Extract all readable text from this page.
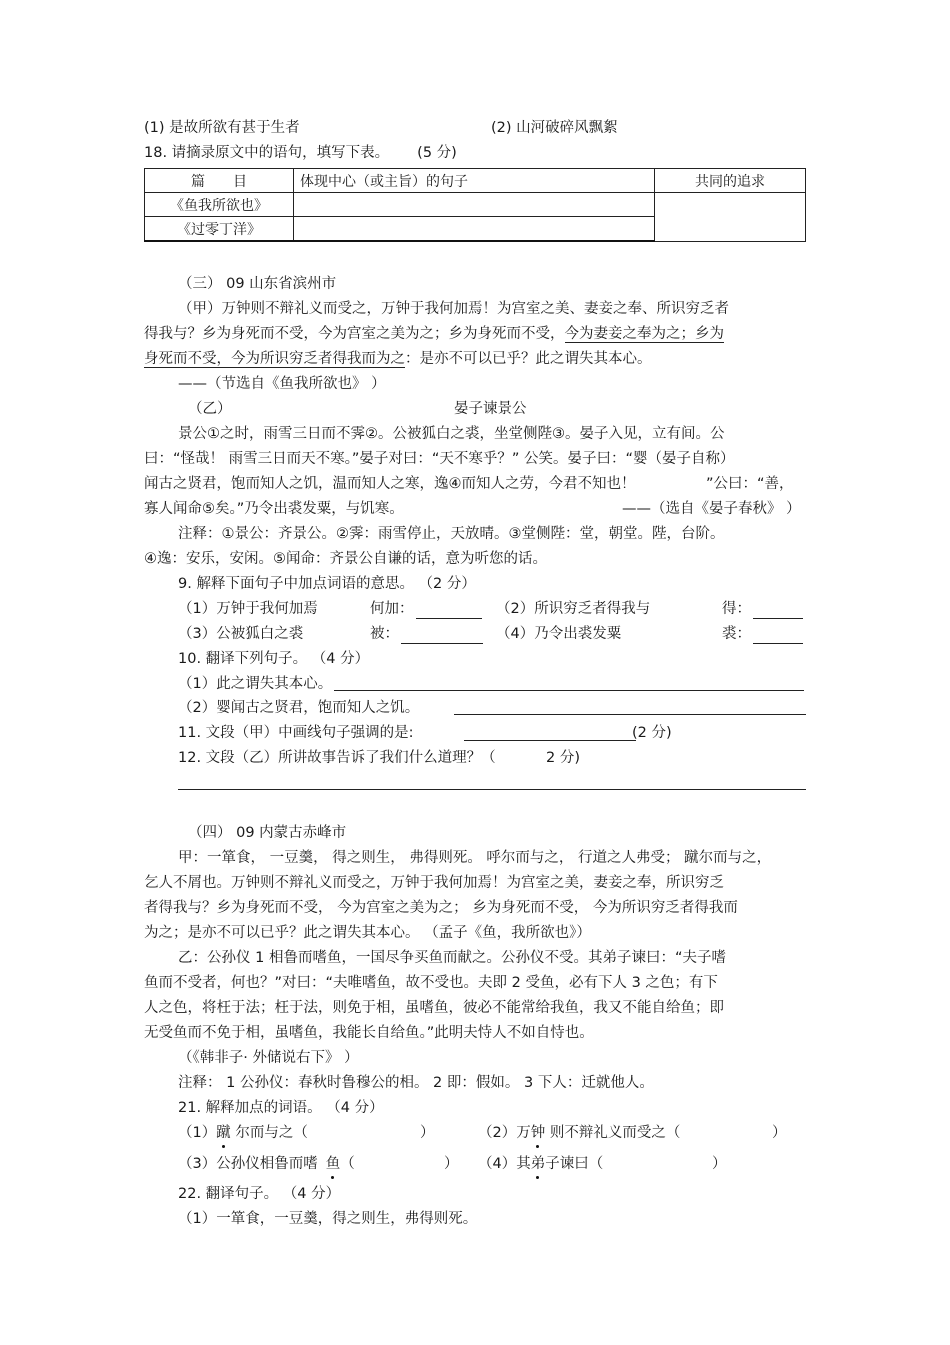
(1) 是故所欲有甚于生者	(2) 山河破碎风飘絮
18. 请摘录原文中的语句，填写下表。 (5 分)
篇　　目	体现中心（或主旨）的句子	共同的追求
《鱼我所欲也》		
《过零丁洋》		
（三） 09 山东省滨州市
（甲）万钟则不辩礼义而受之，万钟于我何加焉！为宫室之美、妻妾之奉、所识穷乏者
得我与？乡为身死而不受，今为宫室之美为之；乡为身死而不受，今为妻妾之奉为之；乡为
身死而不受，今为所识穷乏者得我而为之：是亦不可以已乎？此之谓失其本心。
——（节选自《鱼我所欲也》 ）
（乙）	晏子谏景公
景公①之时，雨雪三日而不霁②。公被狐白之裘，坐堂侧陛③。晏子入见，立有间。公
曰：“怪哉！ 雨雪三日而天不寒。”晏子对曰：“天不寒乎？” 公笑。晏子曰：“婴（晏子自称）
闻古之贤君，饱而知人之饥，温而知人之寒，逸④而知人之劳，今君不知也！	”公曰：“善，
寡人闻命⑤矣。”乃令出裘发粟，与饥寒。	——（选自《晏子春秋》 ）
注释：①景公：齐景公。②霁：雨雪停止，天放晴。③堂侧陛：堂，朝堂。陛，台阶。
④逸：安乐，安闲。⑤闻命：齐景公自谦的话，意为听您的话。
9. 解释下面句子中加点词语的意思。 （2 分）
（1）万钟于我何加焉	何加：	（2）所识穷乏者得我与	得：
（3）公被狐白之裘	被：	（4）乃令出裘发粟	裘：
10. 翻译下列句子。 （4 分）
（1）此之谓失其本心。
（2）婴闻古之贤君，饱而知人之饥。
11. 文段（甲）中画线句子强调的是:	(2 分)
12. 文段（乙）所讲故事告诉了我们什么道理？（	2 分)
（四） 09 内蒙古赤峰市
甲：一箪食， 一豆羹， 得之则生， 弗得则死。 呼尔而与之， 行道之人弗受； 蹴尔而与之，
乞人不屑也。万钟则不辩礼义而受之，万钟于我何加焉！为宫室之美，妻妾之奉，所识穷乏
者得我与？乡为身死而不受， 今为宫室之美为之； 乡为身死而不受， 今为所识穷乏者得我而
为之；是亦不可以已乎？此之谓失其本心。 （孟子《鱼，我所欲也》）
乙：公孙仪 1 相鲁而嗜鱼，一国尽争买鱼而献之。公孙仪不受。其弟子谏曰：“夫子嗜
鱼而不受者，何也？”对曰：“夫唯嗜鱼，故不受也。夫即 2 受鱼，必有下人 3 之色；有下
人之色，将枉于法；枉于法，则免于相，虽嗜鱼，彼必不能常给我鱼，我又不能自给鱼；即
无受鱼而不免于相，虽嗜鱼，我能长自给鱼。”此明夫恃人不如自恃也。
（《韩非子· 外储说右下》 ）
注释： 1 公孙仪：春秋时鲁穆公的相。 2 即：假如。 3 下人：迁就他人。
21. 解释加点的词语。 （4 分）
（1）蹴 尔而与之（	）	（2）万钟 则不辩礼义而受之（	）
（3）公孙仪相鲁而嗜 鱼（	） （4）其弟子谏曰（	）
22. 翻译句子。 （4 分）
（1）一箪食，一豆羹，得之则生，弗得则死。
